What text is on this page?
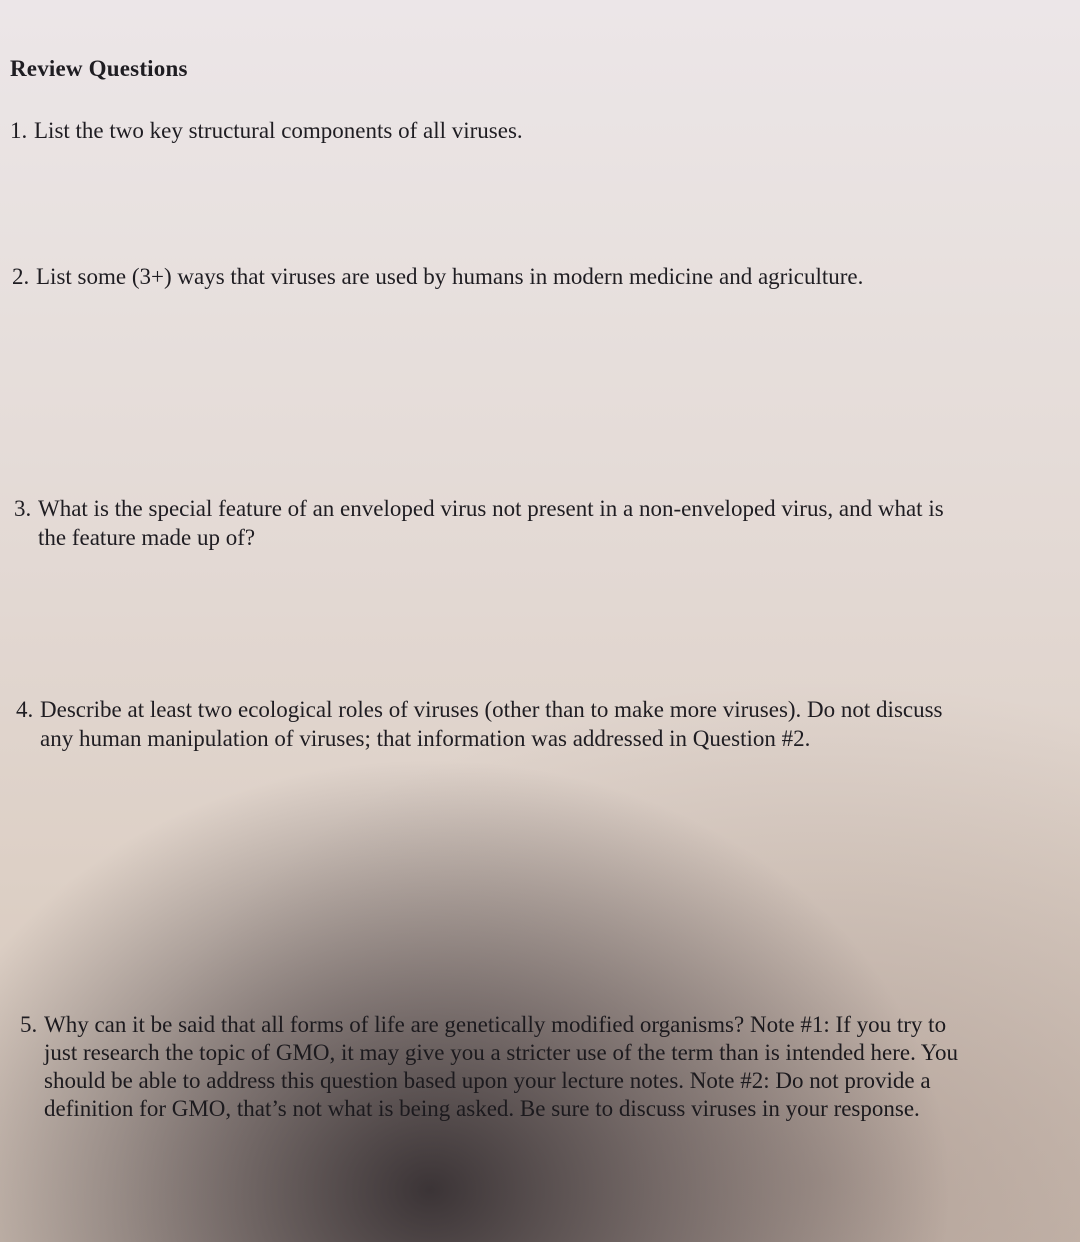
Review Questions
1. List the two key structural components of all viruses.
2. List some (3+) ways that viruses are used by humans in modern medicine and agriculture.
3. What is the special feature of an enveloped virus not present in a non-enveloped virus, and what is the feature made up of?
4. Describe at least two ecological roles of viruses (other than to make more viruses). Do not discuss any human manipulation of viruses; that information was addressed in Question #2.
5. Why can it be said that all forms of life are genetically modified organisms? Note #1: If you try to just research the topic of GMO, it may give you a stricter use of the term than is intended here. You should be able to address this question based upon your lecture notes. Note #2: Do not provide a definition for GMO, that’s not what is being asked. Be sure to discuss viruses in your response.
